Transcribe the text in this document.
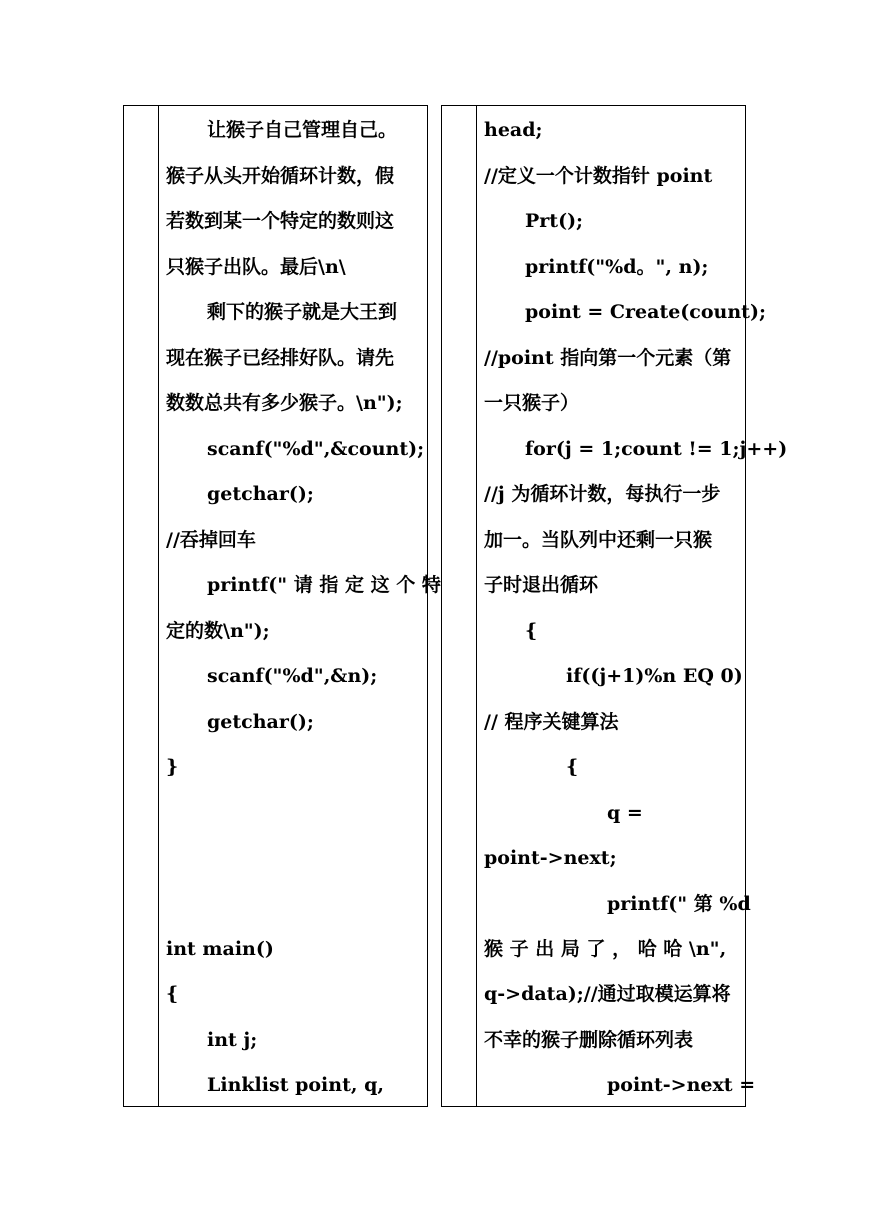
让猴子自己管理自己。
猴子从头开始循环计数，假
若数到某一个特定的数则这
只猴子出队。最后\n\
剩下的猴子就是大王到
现在猴子已经排好队。请先
数数总共有多少猴子。\n");
scanf("%d",&count);
getchar();
//吞掉回车
printf(" 请 指 定 这 个 特
定的数\n");
scanf("%d",&n);
getchar();
}
int main()
{
int j;
Linklist point, q,
head;
//定义一个计数指针 point
Prt();
printf("%d。", n);
point = Create(count);
//point 指向第一个元素（第
一只猴子）
for(j = 1;count != 1;j++)
//j 为循环计数，每执行一步
加一。当队列中还剩一只猴
子时退出循环
{
if((j+1)%n EQ 0)
// 程序关键算法
{
q =
point->next;
printf(" 第 %d
猴 子 出 局 了 ， 哈 哈 \n",
q->data);//通过取模运算将
不幸的猴子删除循环列表
point->next =
